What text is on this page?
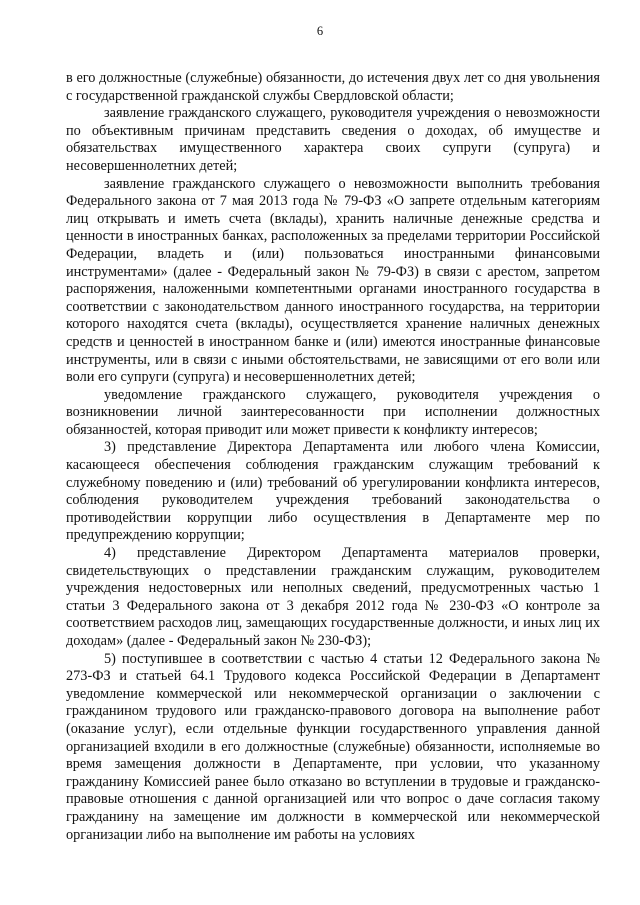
6

в его должностные (служебные) обязанности, до истечения двух лет со дня увольнения с государственной гражданской службы Свердловской области;

заявление гражданского служащего, руководителя учреждения о невозможности по объективным причинам представить сведения о доходах, об имуществе и обязательствах имущественного характера своих супруги (супруга) и несовершеннолетних детей;

заявление гражданского служащего о невозможности выполнить требования Федерального закона от 7 мая 2013 года № 79-ФЗ «О запрете отдельным категориям лиц открывать и иметь счета (вклады), хранить наличные денежные средства и ценности в иностранных банках, расположенных за пределами территории Российской Федерации, владеть и (или) пользоваться иностранными финансовыми инструментами» (далее - Федеральный закон № 79-ФЗ) в связи с арестом, запретом распоряжения, наложенными компетентными органами иностранного государства в соответствии с законодательством данного иностранного государства, на территории которого находятся счета (вклады), осуществляется хранение наличных денежных средств и ценностей в иностранном банке и (или) имеются иностранные финансовые инструменты, или в связи с иными обстоятельствами, не зависящими от его воли или воли его супруги (супруга) и несовершеннолетних детей;

уведомление гражданского служащего, руководителя учреждения о возникновении личной заинтересованности при исполнении должностных обязанностей, которая приводит или может привести к конфликту интересов;

3) представление Директора Департамента или любого члена Комиссии, касающееся обеспечения соблюдения гражданским служащим требований к служебному поведению и (или) требований об урегулировании конфликта интересов, соблюдения руководителем учреждения требований законодательства о противодействии коррупции либо осуществления в Департаменте мер по предупреждению коррупции;

4) представление Директором Департамента материалов проверки, свидетельствующих о представлении гражданским служащим, руководителем учреждения недостоверных или неполных сведений, предусмотренных частью 1 статьи 3 Федерального закона от 3 декабря 2012 года № 230-ФЗ «О контроле за соответствием расходов лиц, замещающих государственные должности, и иных лиц их доходам» (далее - Федеральный закон № 230-ФЗ);

5) поступившее в соответствии с частью 4 статьи 12 Федерального закона № 273-ФЗ и статьей 64.1 Трудового кодекса Российской Федерации в Департамент уведомление коммерческой или некоммерческой организации о заключении с гражданином трудового или гражданско-правового договора на выполнение работ (оказание услуг), если отдельные функции государственного управления данной организацией входили в его должностные (служебные) обязанности, исполняемые во время замещения должности в Департаменте, при условии, что указанному гражданину Комиссией ранее было отказано во вступлении в трудовые и гражданско-правовые отношения с данной организацией или что вопрос о даче согласия такому гражданину на замещение им должности в коммерческой или некоммерческой организации либо на выполнение им работы на условиях
